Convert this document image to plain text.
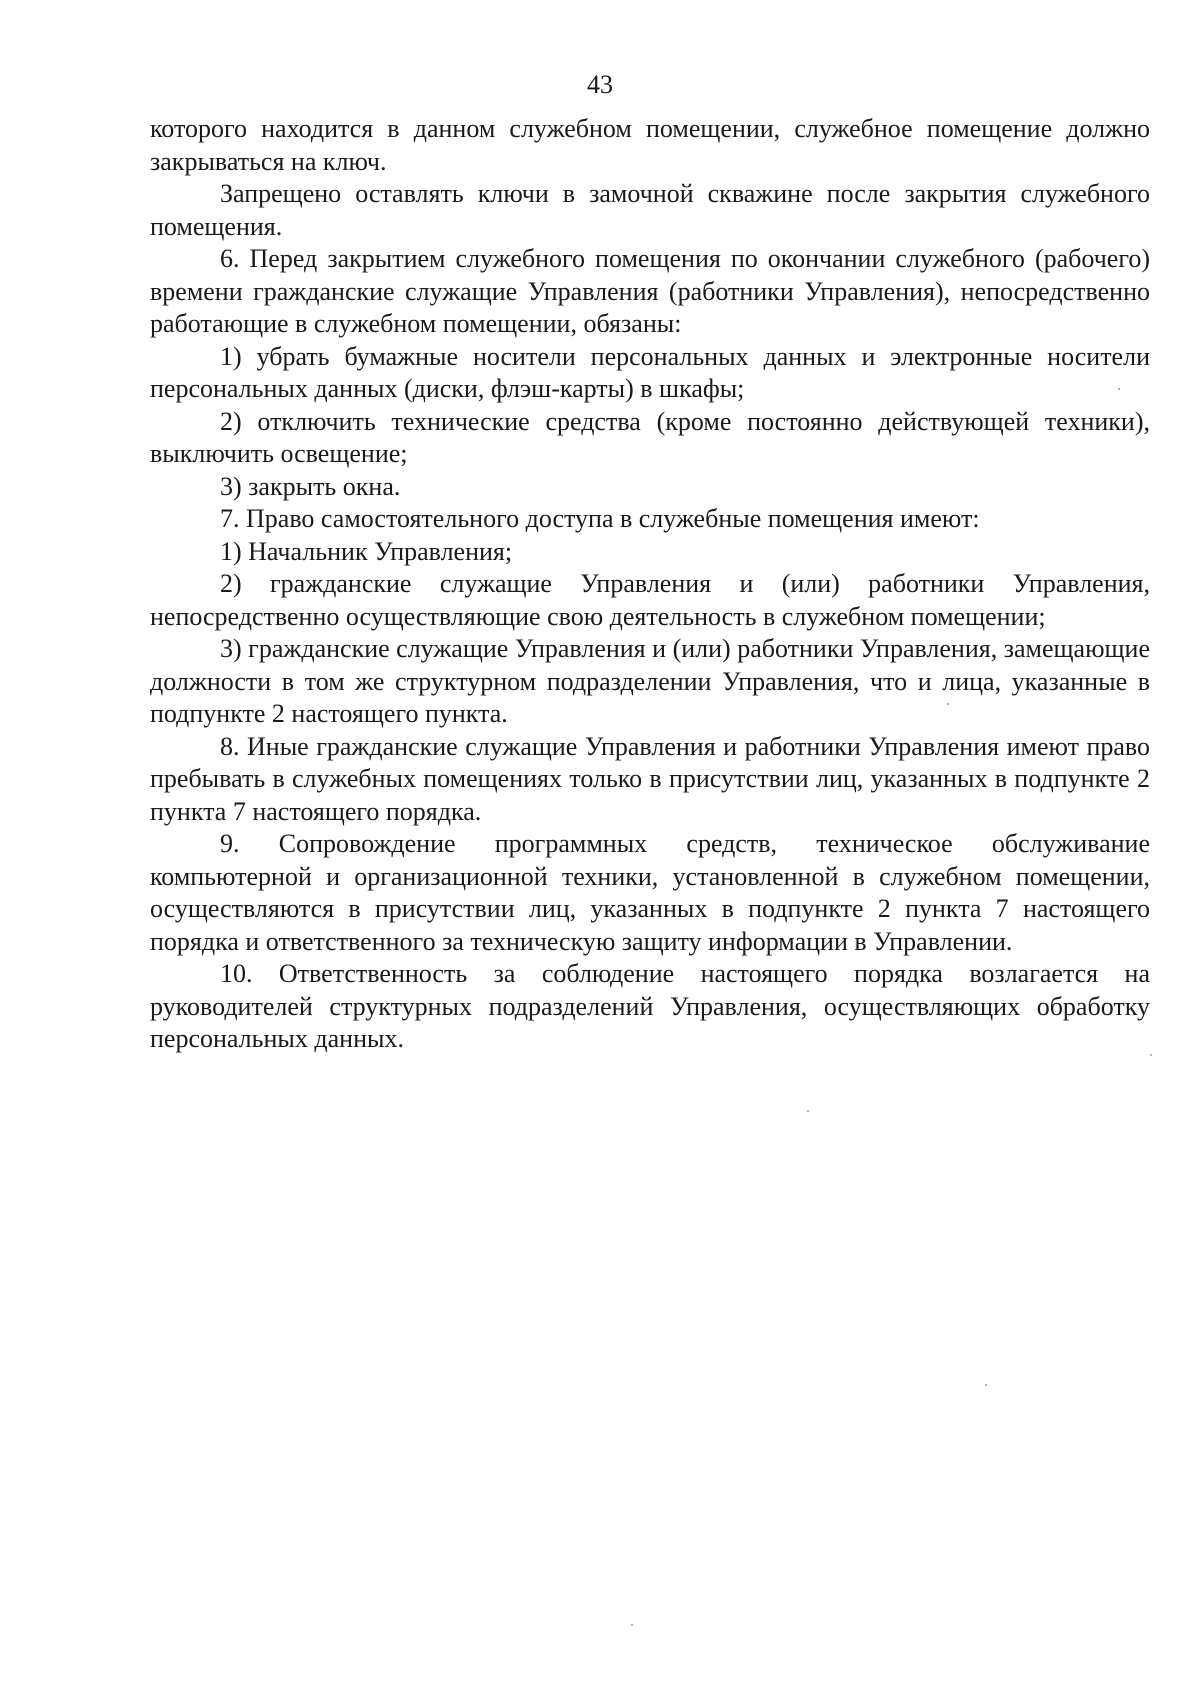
43

которого находится в данном служебном помещении, служебное помещение должно закрываться на ключ.

Запрещено оставлять ключи в замочной скважине после закрытия служебного помещения.

6. Перед закрытием служебного помещения по окончании служебного (рабочего) времени гражданские служащие Управления (работники Управления), непосредственно работающие в служебном помещении, обязаны:

1) убрать бумажные носители персональных данных и электронные носители персональных данных (диски, флэш-карты) в шкафы;

2) отключить технические средства (кроме постоянно действующей техники), выключить освещение;

3) закрыть окна.

7. Право самостоятельного доступа в служебные помещения имеют:

1) Начальник Управления;

2) гражданские служащие Управления и (или) работники Управления, непосредственно осуществляющие свою деятельность в служебном помещении;

3) гражданские служащие Управления и (или) работники Управления, замещающие должности в том же структурном подразделении Управления, что и лица, указанные в подпункте 2 настоящего пункта.

8. Иные гражданские служащие Управления и работники Управления имеют право пребывать в служебных помещениях только в присутствии лиц, указанных в подпункте 2 пункта 7 настоящего порядка.

9. Сопровождение программных средств, техническое обслуживание компьютерной и организационной техники, установленной в служебном помещении, осуществляются в присутствии лиц, указанных в подпункте 2 пункта 7 настоящего порядка и ответственного за техническую защиту информации в Управлении.

10. Ответственность за соблюдение настоящего порядка возлагается на руководителей структурных подразделений Управления, осуществляющих обработку персональных данных.
